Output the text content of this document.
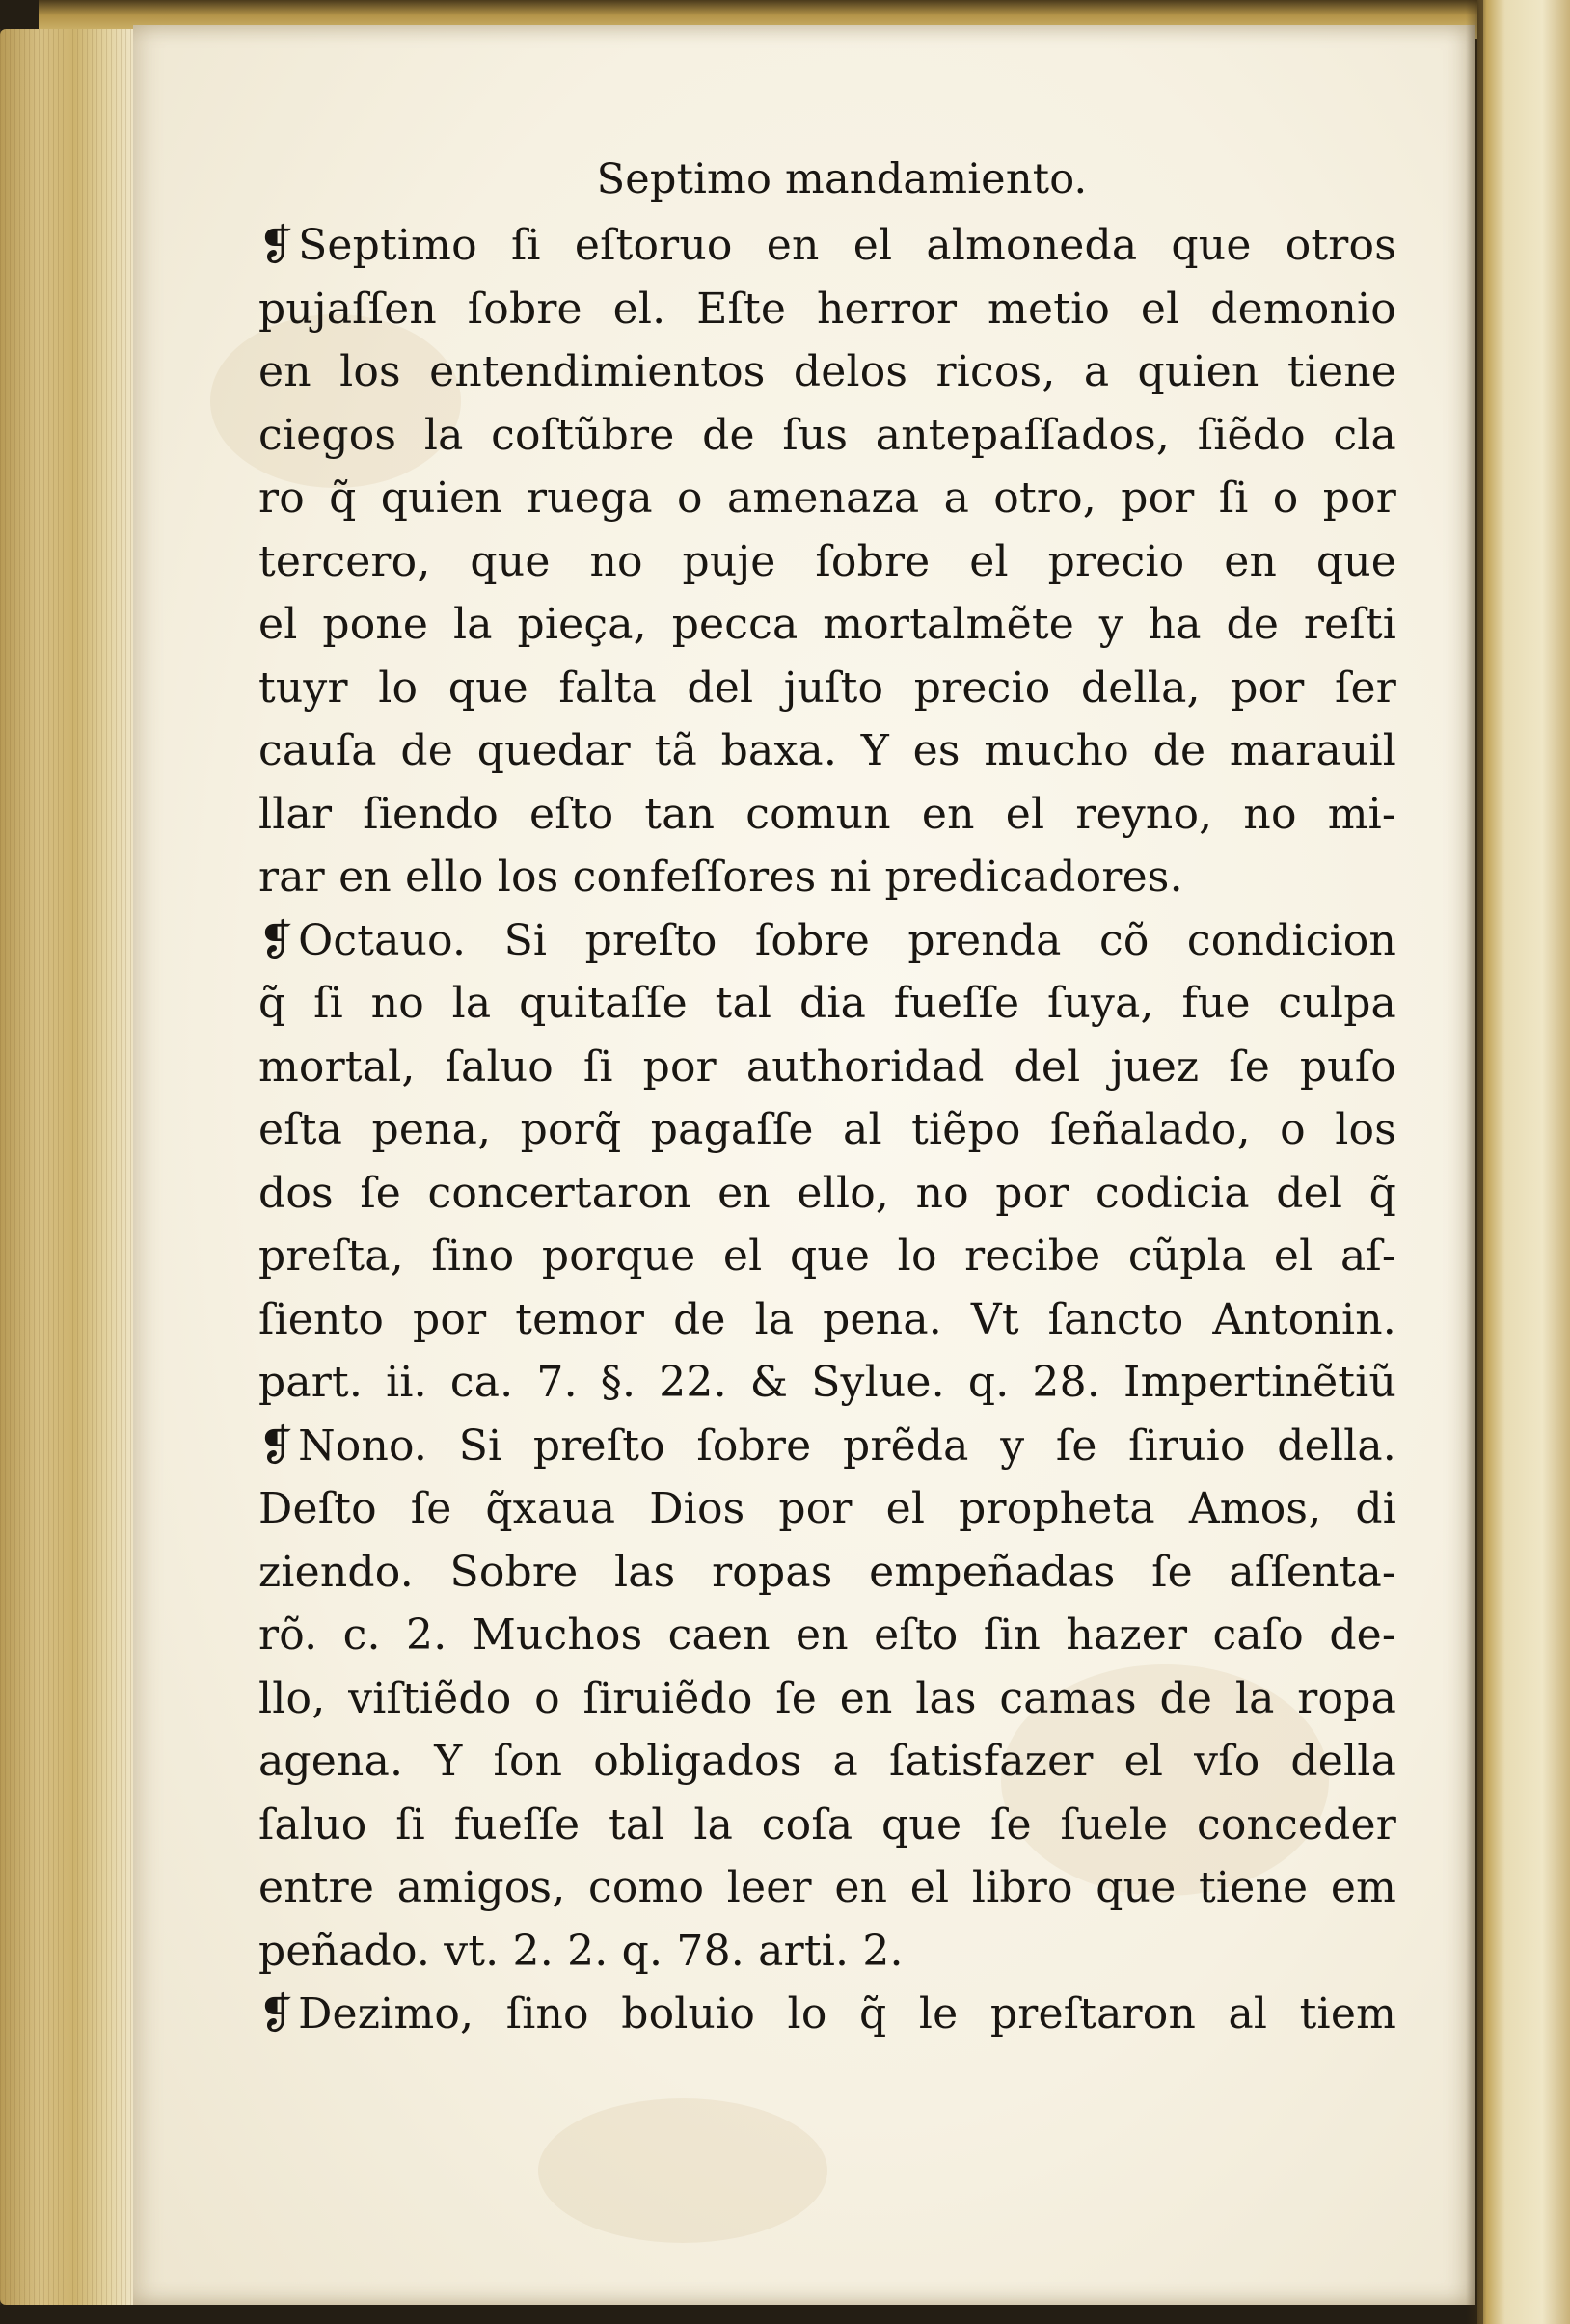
Septimo mandamiento.
❡Septimo ſi eſtoruo en el almoneda que otros
pujaſſen ſobre el. Eſte herror metio el demonio
en los entendimientos delos ricos, a quien tiene
ciegos la coſtũbre de ſus antepaſſados, ſiẽdo cla
ro q̃ quien ruega o amenaza a otro, por ſi o por
tercero, que no puje ſobre el precio en que
el pone la pieça, pecca mortalmẽte y ha de reſti
tuyr lo que falta del juſto precio della, por ſer
cauſa de quedar tã baxa. Y es mucho de marauil
llar ſiendo eſto tan comun en el reyno, no mi-
rar en ello los confeſſores ni predicadores.
❡Octauo. Si preſto ſobre prenda cõ condicion
q̃ ſi no la quitaſſe tal dia fueſſe ſuya, fue culpa
mortal, ſaluo ſi por authoridad del juez ſe puſo
eſta pena, porq̃ pagaſſe al tiẽpo ſeñalado, o los
dos ſe concertaron en ello, no por codicia del q̃
preſta, ſino porque el que lo recibe cũpla el aſ-
ſiento por temor de la pena. Vt ſancto Antonin.
part. ii. ca. 7. §. 22. & Sylue. q. 28. Impertinẽtiũ
❡Nono. Si preſto ſobre prẽda y ſe ſiruio della.
Deſto ſe q̃xaua Dios por el propheta Amos, di
ziendo. Sobre las ropas empeñadas ſe aſſenta-
rõ. c. 2. Muchos caen en eſto ſin hazer caſo de-
llo, viſtiẽdo o ſiruiẽdo ſe en las camas de la ropa
agena. Y ſon obligados a ſatisfazer el vſo della
ſaluo ſi fueſſe tal la coſa que ſe ſuele conceder
entre amigos, como leer en el libro que tiene em
peñado. vt. 2. 2. q. 78. arti. 2.
❡Dezimo, ſino boluio lo q̃ le preſtaron al tiem
